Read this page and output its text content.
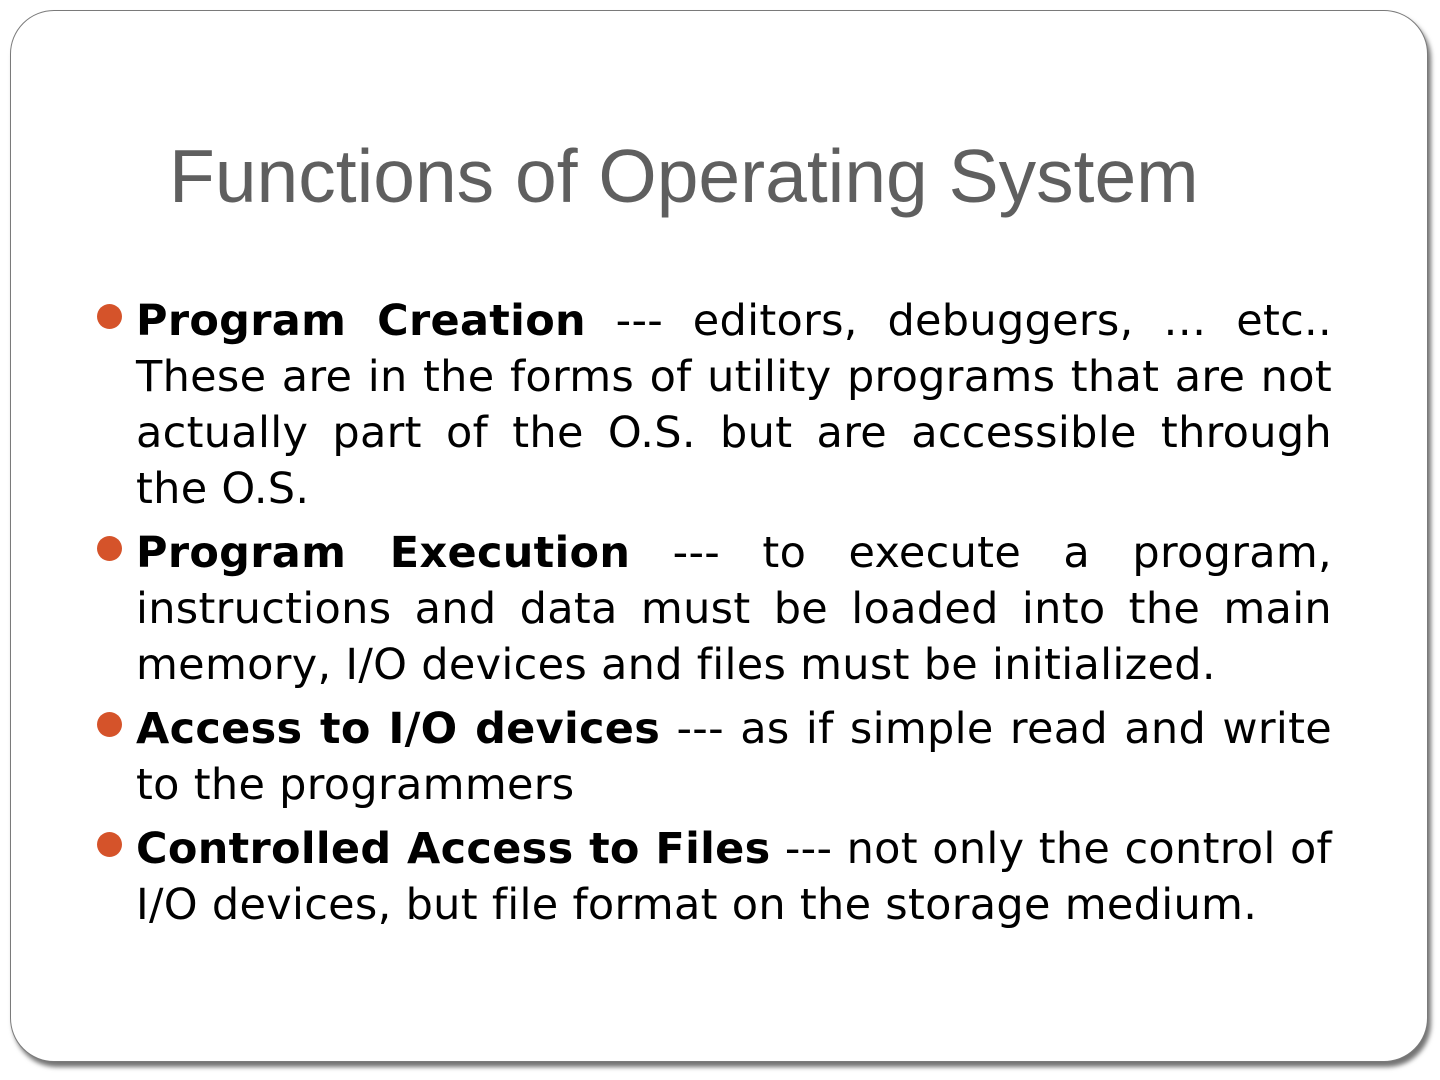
Functions of Operating System
Program Creation --- editors, debuggers, … etc.. These are in the forms of utility programs that are not actually part of the O.S. but are accessible through the O.S.
Program Execution --- to execute a program, instructions and data must be loaded into the main memory, I/O devices and files must be initialized.
Access to I/O devices --- as if simple read and write to the programmers
Controlled Access to Files --- not only the control of I/O devices, but file format on the storage medium.
